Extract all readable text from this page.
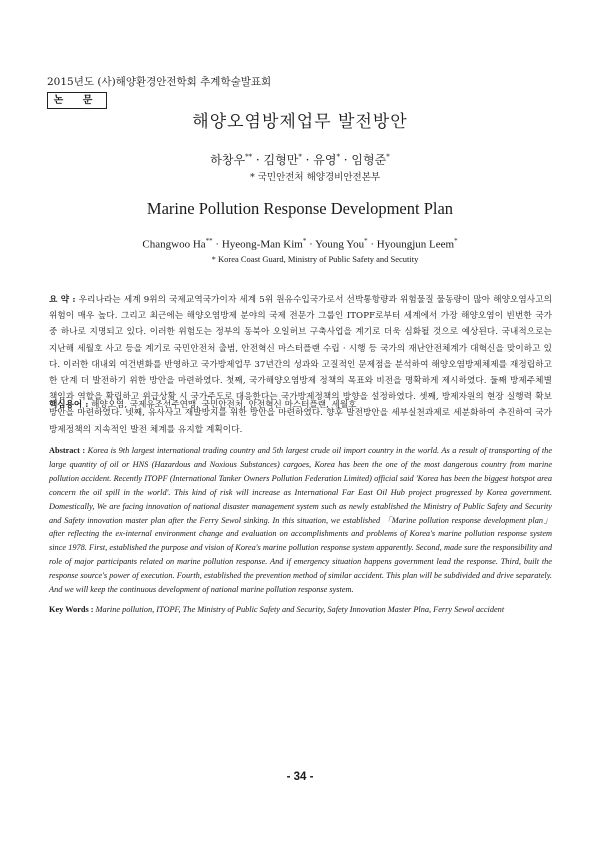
2015년도 (사)해양환경안전학회 추계학술발표회
논 문
해양오염방제업무 발전방안
하창우** · 김형만* · 유영* · 임형준*
* 국민안전처 해양경비안전본부
Marine Pollution Response Development Plan
Changwoo Ha** · Hyeong-Man Kim* · Young You* · Hyoungjun Leem*
* Korea Coast Guard, Ministry of Public Safety and Secutity
요 약 : 우리나라는 세계 9위의 국제교역국가이자 세계 5위 원유수입국가로서 선박통항량과 위험물질 물동량이 많아 해양오염사고의 위험이 매우 높다. 그리고 최근에는 해양오염방제 분야의 국제 전문가 그룹인 ITOPF로부터 세계에서 가장 해양오염이 빈번한 국가 중 하나로 지명되고 있다. 이러한 위험도는 정부의 동북아 오일허브 구축사업을 계기로 더욱 심화될 것으로 예상된다. 국내적으로는 지난해 세월호 사고 등을 계기로 국민안전처 출범, 안전혁신 마스터플랜 수립 · 시행 등 국가의 재난안전체계가 대혁신을 맞이하고 있다. 이러한 대내외 여건변화를 반영하고 국가방제업무 37년간의 성과와 고질적인 문제점을 분석하여 해양오염방제체제를 재정립하고 한 단계 더 발전하기 위한 방안을 마련하였다. 첫째, 국가해양오염방제 정책의 목표와 비전을 명확하게 제시하였다. 둘째 방제주체별 책임과 역할을 확립하고 위급상황 시 국가주도로 대응한다는 국가방제정책의 방향을 설정하였다. 셋째, 방제자원의 현장 실행력 확보방안을 마련하였다. 넷째, 유사사고 재발방지를 위한 방안을 마련하였다. 향후 발전방안을 세부실천과제로 세분화하여 추진하여 국가방제정책의 지속적인 발전 체계를 유지할 계획이다.
핵심용어 : 해양오염, 국제유조선주연맹, 국민안전처, 안전혁신 마스터플랜, 세월호
Abstract : Korea is 9th largest international trading country and 5th largest crude oil import country in the world. As a result of transporting of the large quantity of oil or HNS (Hazardous and Noxious Substances) cargoes, Korea has been the one of the most dangerous country from marine pollution accident. Recently ITOPF (International Tanker Owners Pollution Federation Limited) official said 'Korea has been the biggest hotspot area concern the oil spill in the world'. This kind of risk will increase as International Far East Oil Hub project progressed by Korea government. Domestically, We are facing innovation of national disaster management system such as newly established the Ministry of Public Safety and Security and Safety innovation master plan after the Ferry Sewol sinking. In this situation, we established 「Marine pollution response development plan」 after reflecting the ex-internal environment change and evaluation on accomplishments and problems of Korea's marine pollution response system since 1978. First, established the purpose and vision of Korea's marine pollution response system apparently. Second, made sure the responsibility and role of major participants related on marine pollution response. And if emergency situation happens government lead the response. Third, built the response source's power of execution. Fourth, established the prevention method of similar accident. This plan will be subdivided and drive separately. And we will keep the continuous development of national marine pollution response system.
Key Words : Marine pollution, ITOPF, The Ministry of Public Safety and Security, Safety Innovation Master Plna, Ferry Sewol accident
- 34 -
